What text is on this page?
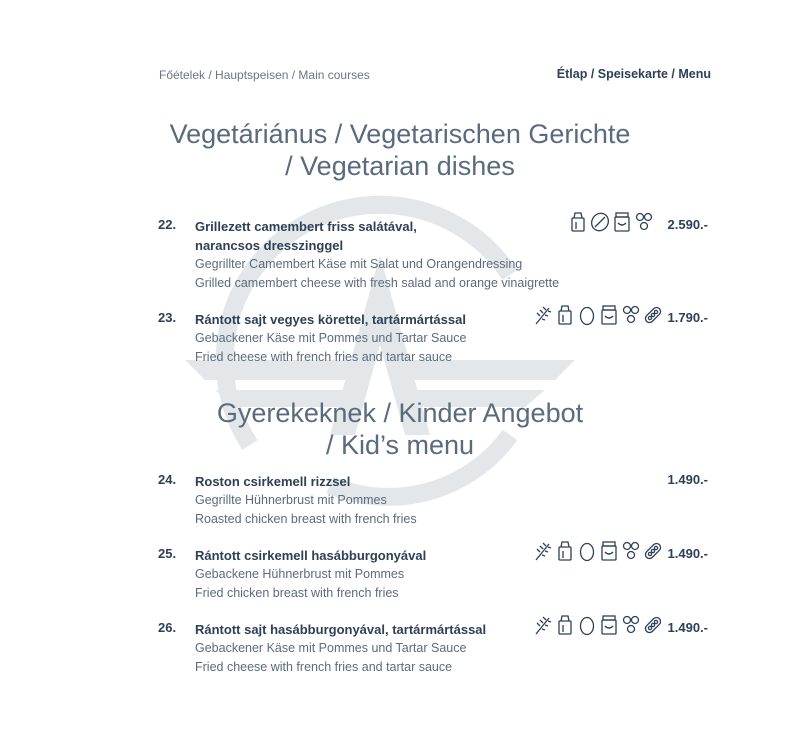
Főételek / Hauptspeisen / Main courses	Étlap / Speisekarte / Menu
Vegetáriánus / Vegetarischen Gerichte
/ Vegetarian dishes
22. Grillezett camembert friss salátával,
narancsos dresszinggel
Gegrillter Camembert Käse mit Salat und Orangendressing
Grilled camembert cheese with fresh salad and orange vinaigrette
2.590.-
23. Rántott sajt vegyes körettel, tartármártással
Gebackener Käse mit Pommes und Tartar Sauce
Fried cheese with french fries and tartar sauce
1.790.-
Gyerekeknek / Kinder Angebot
/ Kid’s menu
24. Roston csirkemell rizzsel
Gegrillte Hühnerbrust mit Pommes
Roasted chicken breast with french fries
1.490.-
25. Rántott csirkemell hasábburgonyával
Gebackene Hühnerbrust mit Pommes
Fried chicken breast with french fries
1.490.-
26. Rántott sajt hasábburgonyával, tartármártással
Gebackener Käse mit Pommes und Tartar Sauce
Fried cheese with french fries and tartar sauce
1.490.-
